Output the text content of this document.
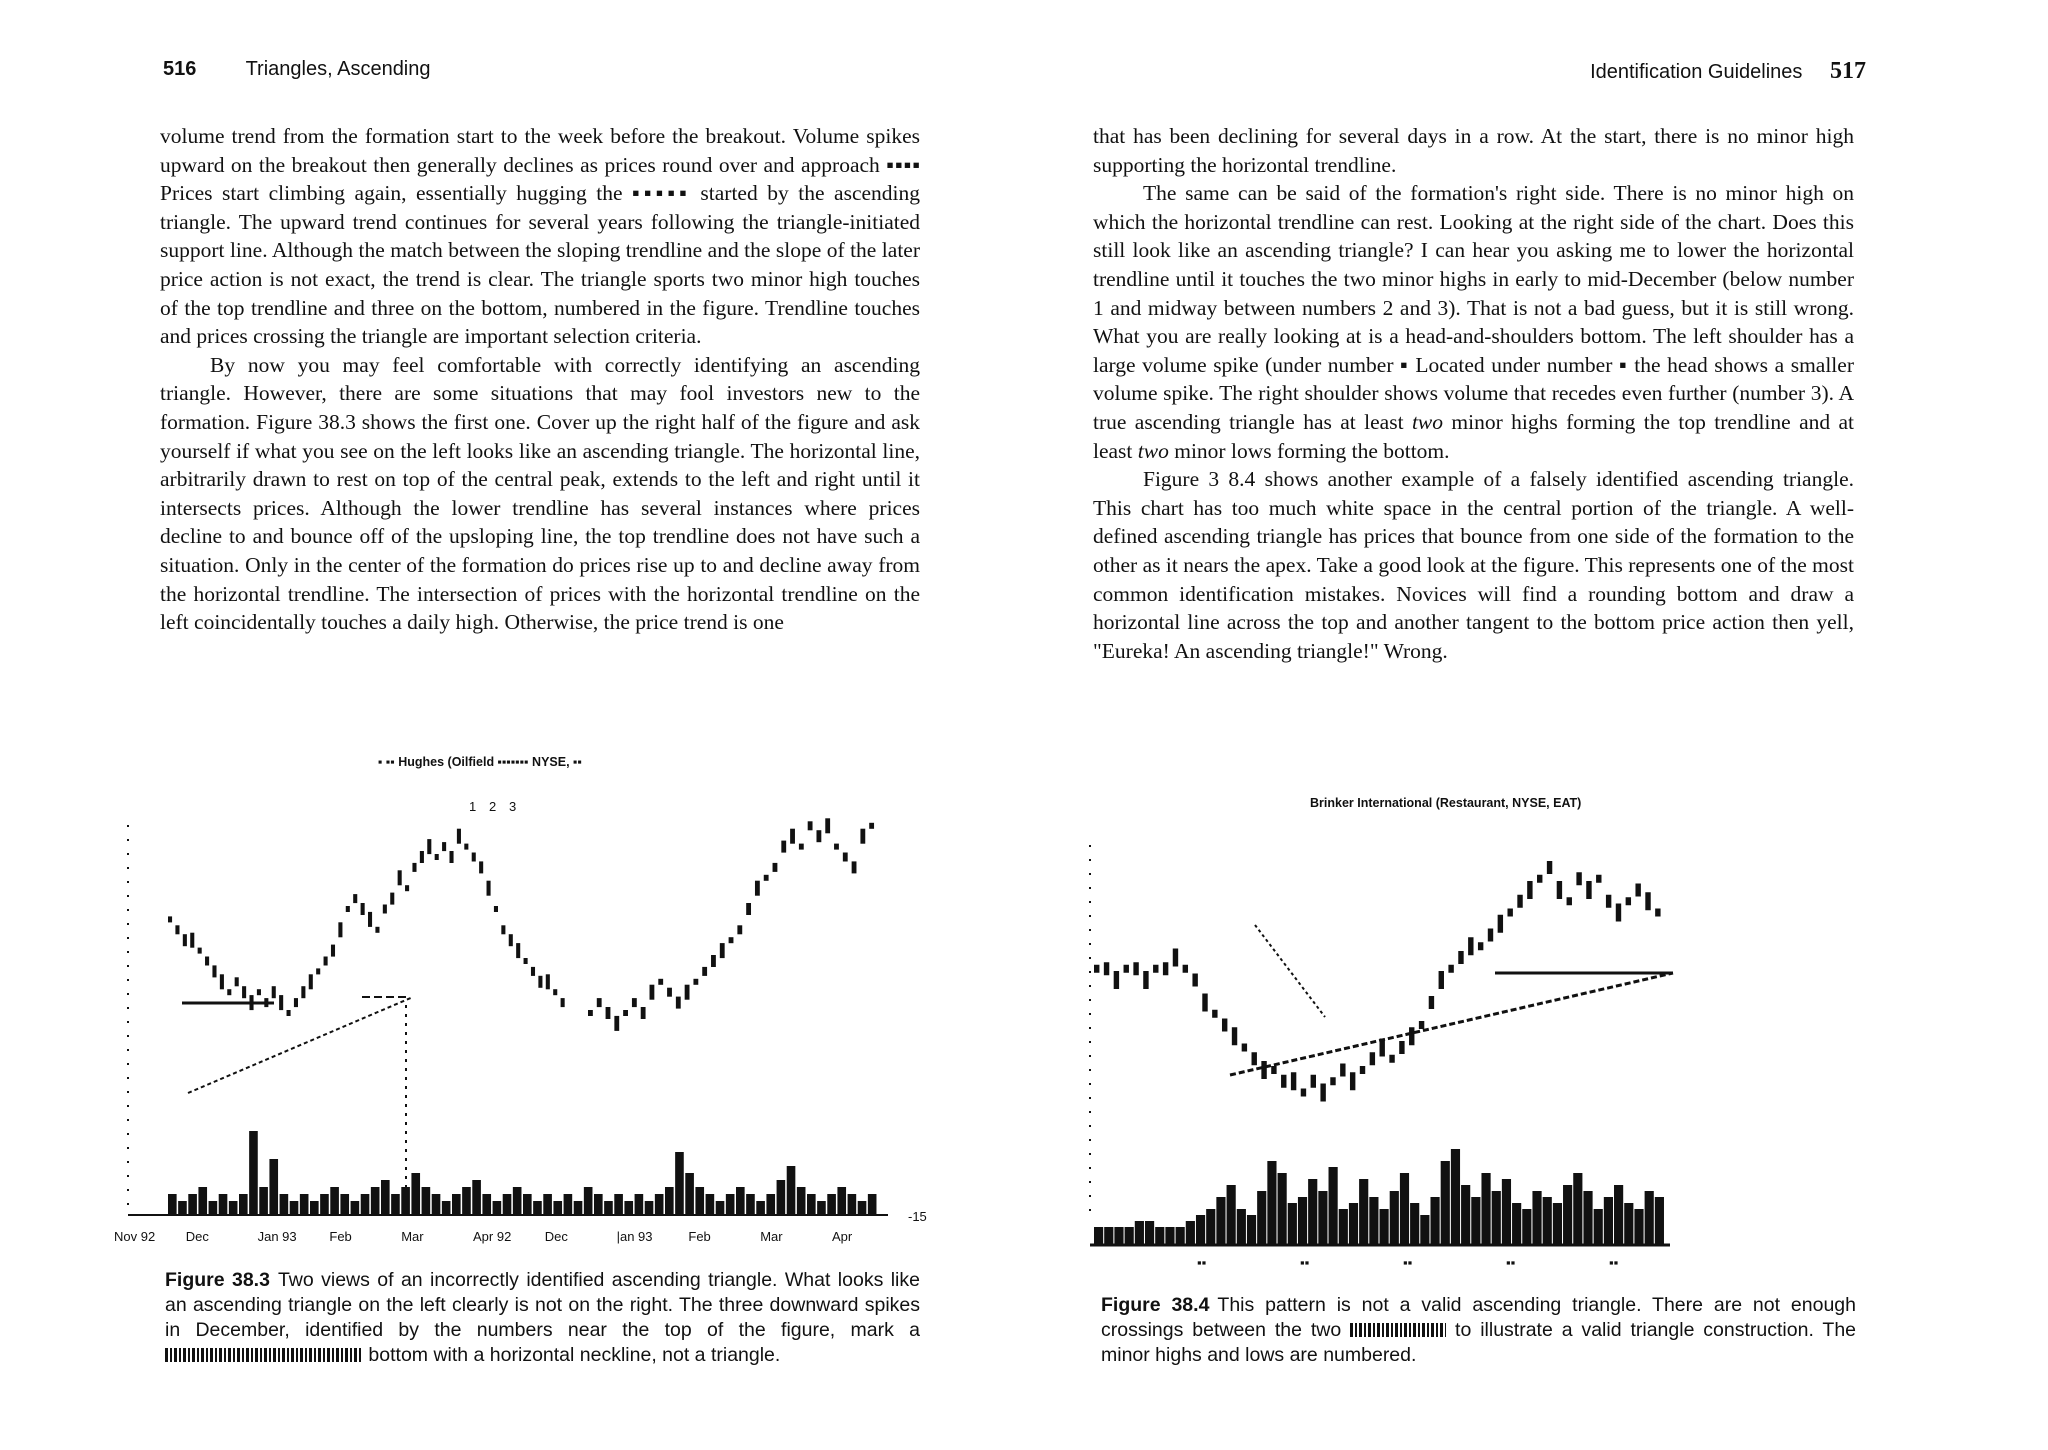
516 Triangles, Ascending	Identification Guidelines 517

volume trend from the formation start to the week before the breakout. Volume spikes upward on the breakout then generally declines as prices round over and approach ▪▪▪▪ Prices start climbing again, essentially hugging the ▪▪▪▪▪ started by the ascending triangle. The upward trend continues for several years following the triangle-initiated support line. Although the match between the sloping trendline and the slope of the later price action is not exact, the trend is clear. The triangle sports two minor high touches of the top trendline and three on the bottom, numbered in the figure. Trendline touches and prices crossing the triangle are important selection criteria.

By now you may feel comfortable with correctly identifying an ascending triangle. However, there are some situations that may fool investors new to the formation. Figure 38.3 shows the first one. Cover up the right half of the figure and ask yourself if what you see on the left looks like an ascending triangle. The horizontal line, arbitrarily drawn to rest on top of the central peak, extends to the left and right until it intersects prices. Although the lower trendline has several instances where prices decline to and bounce off of the upsloping line, the top trendline does not have such a situation. Only in the center of the formation do prices rise up to and decline away from the horizontal trendline. The intersection of prices with the horizontal trendline on the left coincidentally touches a daily high. Otherwise, the price trend is one

that has been declining for several days in a row. At the start, there is no minor high supporting the horizontal trendline.

The same can be said of the formation's right side. There is no minor high on which the horizontal trendline can rest. Looking at the right side of the chart. Does this still look like an ascending triangle? I can hear you asking me to lower the horizontal trendline until it touches the two minor highs in early to mid-December (below number 1 and midway between numbers 2 and 3). That is not a bad guess, but it is still wrong. What you are really looking at is a head-and-shoulders bottom. The left shoulder has a large volume spike (under number ▪ Located under number ▪ the head shows a smaller volume spike. The right shoulder shows volume that recedes even further (number 3). A true ascending triangle has at least two minor highs forming the top trendline and at least two minor lows forming the bottom.

Figure 3 8.4 shows another example of a falsely identified ascending triangle. This chart has too much white space in the central portion of the triangle. A well-defined ascending triangle has prices that bounce from one side of the formation to the other as it nears the apex. Take a good look at the figure. This represents one of the most common identification mistakes. Novices will find a rounding bottom and draw a horizontal line across the top and another tangent to the bottom price action then yell, "Eureka! An ascending triangle!" Wrong.

▪ ▪▪ Hughes (Oilfield ▪▪▪▪▪▪▪ NYSE, ▪▪
1 2 3
Nov 92 Dec	Jan 93	Feb	Mar	Apr 92	Dec	|an 93	Feb	Mar	Apr
-15
Figure 38.3 Two views of an incorrectly identified ascending triangle. What looks like an ascending triangle on the left clearly is not on the right. The three downward spikes in December, identified by the numbers near the top of the figure, mark a  bottom with a horizontal neckline, not a triangle.
Brinker International (Restaurant, NYSE, EAT)
▪▪	▪▪	▪▪	▪▪	▪▪
Figure 38.4 This pattern is not a valid ascending triangle. There are not enough crossings between the two	to illustrate a valid triangle construction. The minor highs and lows are numbered.
